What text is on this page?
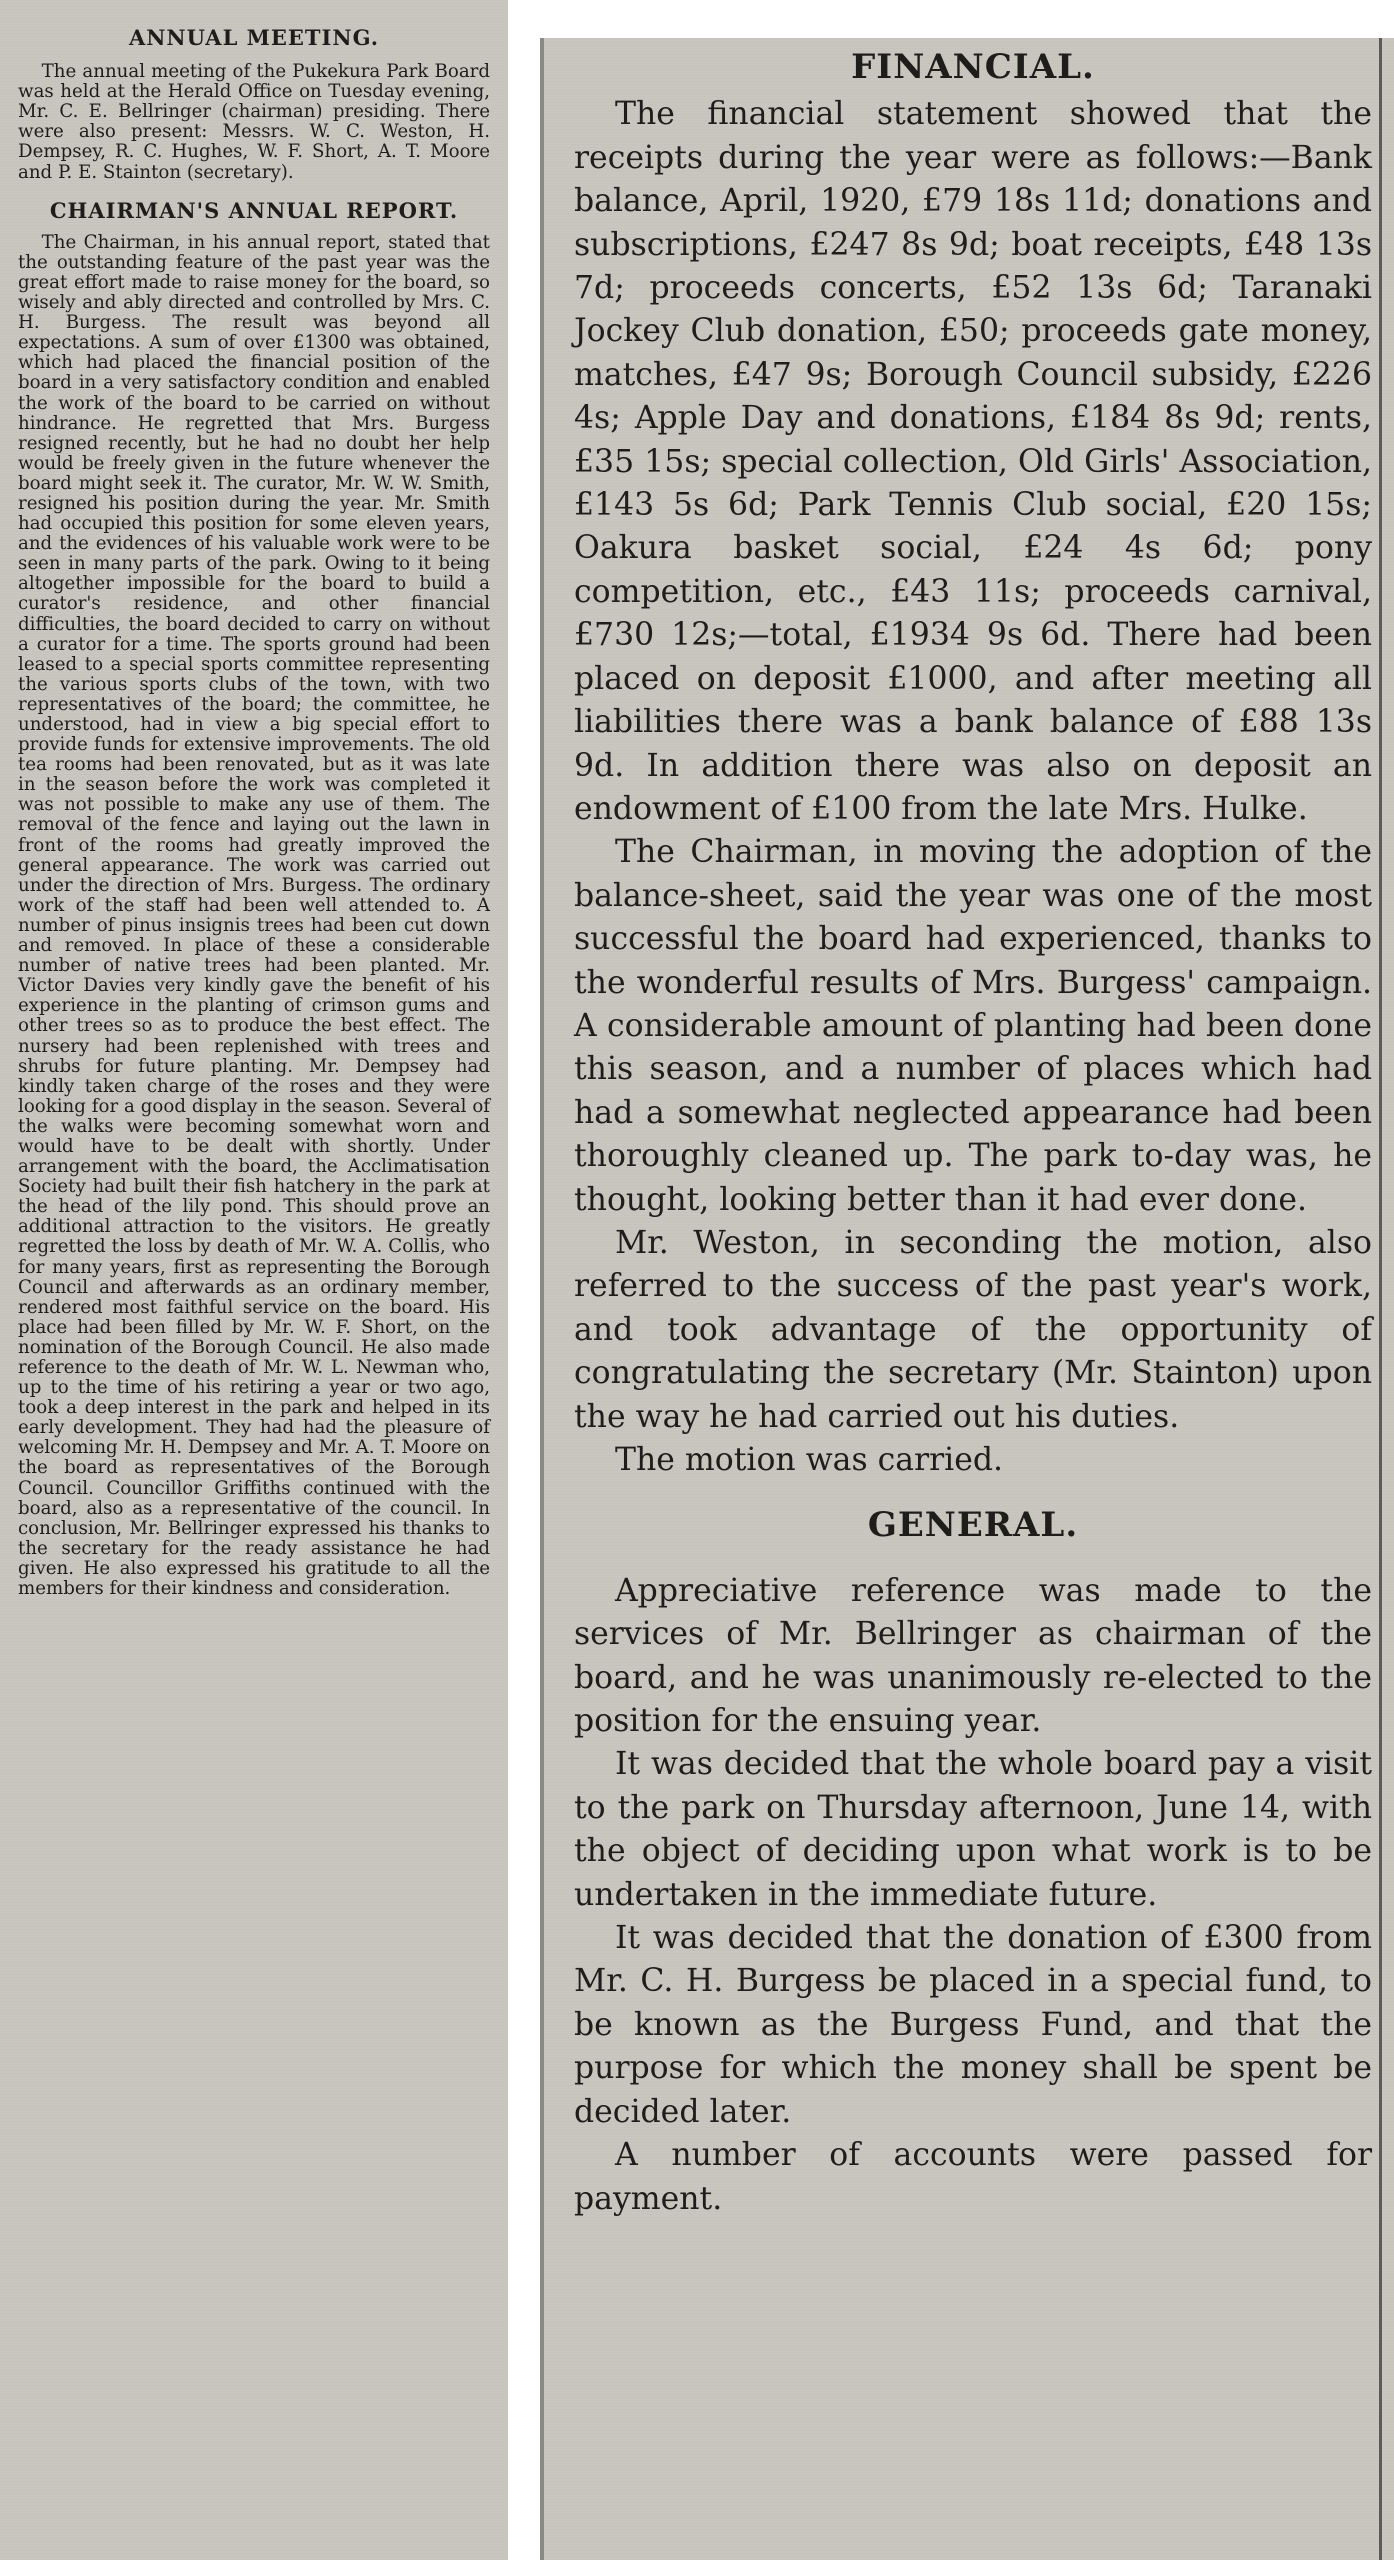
ANNUAL MEETING.

The annual meeting of the Pukekura Park Board was held at the Herald Office on Tuesday evening, Mr. C. E. Bellringer (chairman) presiding. There were also present: Messrs. W. C. Weston, H. Dempsey, R. C. Hughes, W. F. Short, A. T. Moore and P. E. Stainton (secretary).

CHAIRMAN'S ANNUAL REPORT.

The Chairman, in his annual report, stated that the outstanding feature of the past year was the great effort made to raise money for the board, so wisely and ably directed and controlled by Mrs. C. H. Burgess. The result was beyond all expectations. A sum of over £1300 was obtained, which had placed the financial position of the board in a very satisfactory condition and enabled the work of the board to be carried on without hindrance. He regretted that Mrs. Burgess resigned recently, but he had no doubt her help would be freely given in the future whenever the board might seek it. The curator, Mr. W. W. Smith, resigned his position during the year. Mr. Smith had occupied this position for some eleven years, and the evidences of his valuable work were to be seen in many parts of the park. Owing to it being altogether impossible for the board to build a curator's residence, and other financial difficulties, the board decided to carry on without a curator for a time. The sports ground had been leased to a special sports committee representing the various sports clubs of the town, with two representatives of the board; the committee, he understood, had in view a big special effort to provide funds for extensive improvements. The old tea rooms had been renovated, but as it was late in the season before the work was completed it was not possible to make any use of them. The removal of the fence and laying out the lawn in front of the rooms had greatly improved the general appearance. The work was carried out under the direction of Mrs. Burgess. The ordinary work of the staff had been well attended to. A number of pinus insignis trees had been cut down and removed. In place of these a considerable number of native trees had been planted. Mr. Victor Davies very kindly gave the benefit of his experience in the planting of crimson gums and other trees so as to produce the best effect. The nursery had been replenished with trees and shrubs for future planting. Mr. Dempsey had kindly taken charge of the roses and they were looking for a good display in the season. Several of the walks were becoming somewhat worn and would have to be dealt with shortly. Under arrangement with the board, the Acclimatisation Society had built their fish hatchery in the park at the head of the lily pond. This should prove an additional attraction to the visitors. He greatly regretted the loss by death of Mr. W. A. Collis, who for many years, first as representing the Borough Council and afterwards as an ordinary member, rendered most faithful service on the board. His place had been filled by Mr. W. F. Short, on the nomination of the Borough Council. He also made reference to the death of Mr. W. L. Newman who, up to the time of his retiring a year or two ago, took a deep interest in the park and helped in its early development. They had had the pleasure of welcoming Mr. H. Dempsey and Mr. A. T. Moore on the board as representatives of the Borough Council. Councillor Griffiths continued with the board, also as a representative of the council. In conclusion, Mr. Bellringer expressed his thanks to the secretary for the ready assistance he had given. He also expressed his gratitude to all the members for their kindness and consideration.

FINANCIAL.

The financial statement showed that the receipts during the year were as follows:—Bank balance, April, 1920, £79 18s 11d; donations and subscriptions, £247 8s 9d; boat receipts, £48 13s 7d; proceeds concerts, £52 13s 6d; Taranaki Jockey Club donation, £50; proceeds gate money, matches, £47 9s; Borough Council subsidy, £226 4s; Apple Day and donations, £184 8s 9d; rents, £35 15s; special collection, Old Girls' Association, £143 5s 6d; Park Tennis Club social, £20 15s; Oakura basket social, £24 4s 6d; pony competition, etc., £43 11s; proceeds carnival, £730 12s;—total, £1934 9s 6d. There had been placed on deposit £1000, and after meeting all liabilities there was a bank balance of £88 13s 9d. In addition there was also on deposit an endowment of £100 from the late Mrs. Hulke.

The Chairman, in moving the adoption of the balance-sheet, said the year was one of the most successful the board had experienced, thanks to the wonderful results of Mrs. Burgess' campaign. A considerable amount of planting had been done this season, and a number of places which had had a somewhat neglected appearance had been thoroughly cleaned up. The park to-day was, he thought, looking better than it had ever done.

Mr. Weston, in seconding the motion, also referred to the success of the past year's work, and took advantage of the opportunity of congratulating the secretary (Mr. Stainton) upon the way he had carried out his duties.

The motion was carried.

GENERAL.

Appreciative reference was made to the services of Mr. Bellringer as chairman of the board, and he was unanimously re-elected to the position for the ensuing year.

It was decided that the whole board pay a visit to the park on Thursday afternoon, June 14, with the object of deciding upon what work is to be undertaken in the immediate future.

It was decided that the donation of £300 from Mr. C. H. Burgess be placed in a special fund, to be known as the Burgess Fund, and that the purpose for which the money shall be spent be decided later.

A number of accounts were passed for payment.
